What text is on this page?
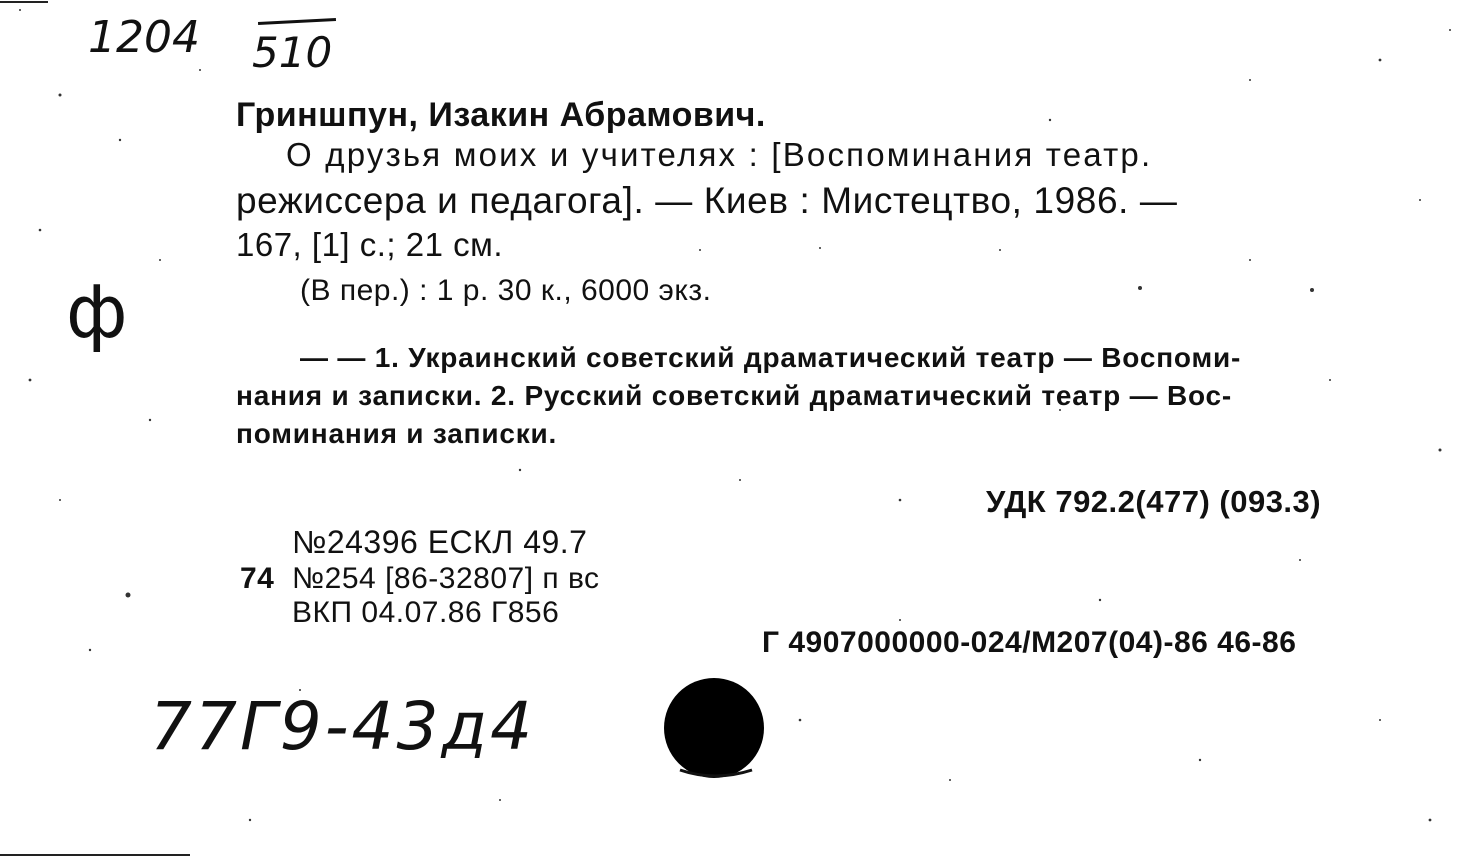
1204 510
ф
77Г9-43д4
Гриншпун, Изакин Абрамович.
О друзья моих и учителях : [Воспоминания театр.
режиссера и педагога]. — Киев : Мистецтво, 1986. —
167, [1] с.; 21 см.
(В пер.) : 1 р. 30 к., 6000 экз.
— — 1. Украинский советский драматический театр — Воспоми-
нания и записки. 2. Русский советский драматический театр — Вос-
поминания и записки.
УДК 792.2(477) (093.3)
№24396 ЕСКЛ 49.7
74 №254 [86-32807] п вс
ВКП 04.07.86 Г856
Г 4907000000-024/М207(04)-86 46-86
